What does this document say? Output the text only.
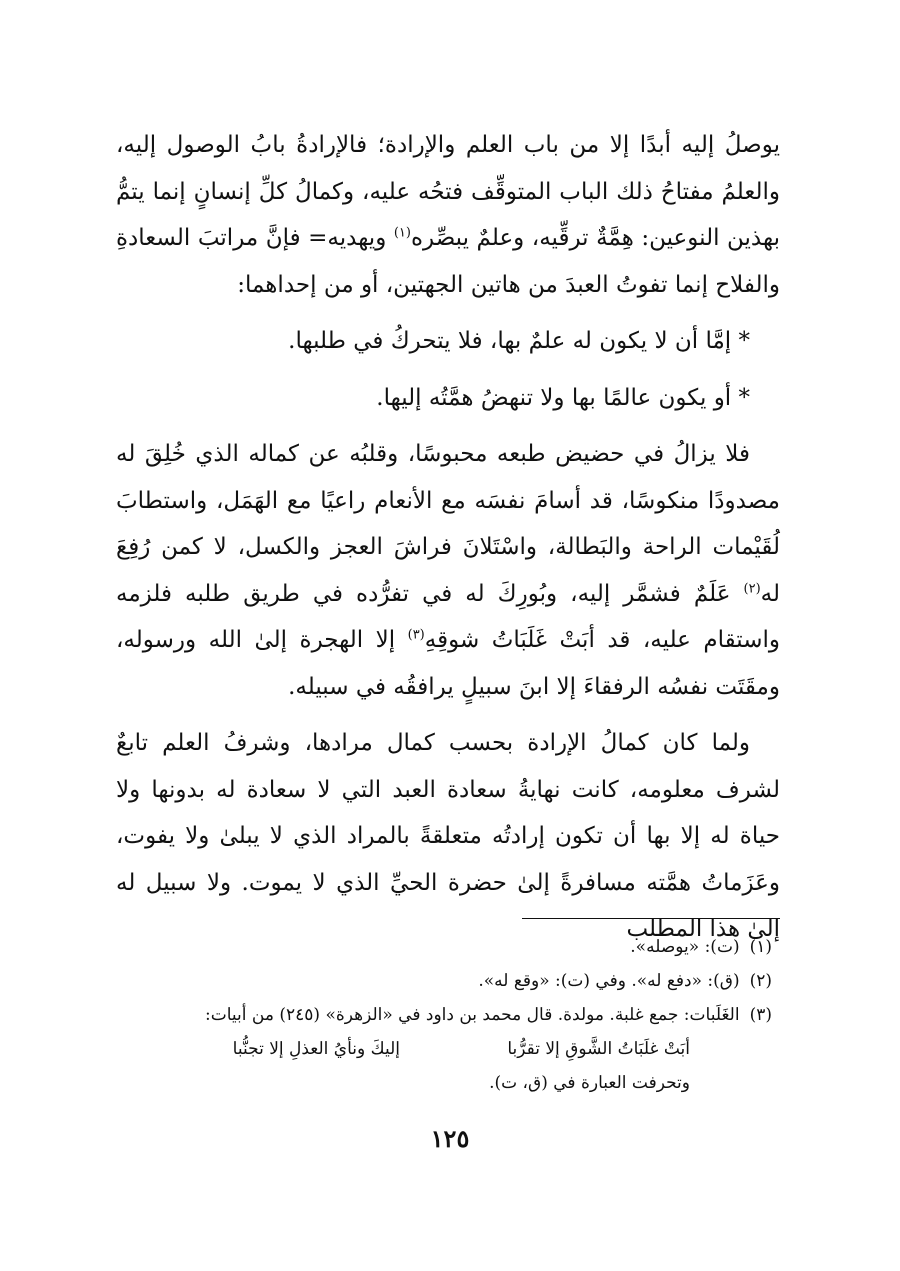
يوصلُ إليه أبدًا إلا من باب العلم والإرادة؛ فالإرادةُ بابُ الوصول إليه، والعلمُ مفتاحُ ذلك الباب المتوقِّف فتحُه عليه، وكمالُ كلِّ إنسانٍ إنما يتمُّ بهذين النوعين: هِمَّةٌ ترقِّيه، وعلمٌ يبصِّره$^{(١)}$ ويهديه= فإنَّ مراتبَ السعادةِ والفلاح إنما تفوتُ العبدَ من هاتين الجهتين، أو من إحداهما:

* إمَّا أن لا يكون له علمٌ بها، فلا يتحركُ في طلبها.

* أو يكون عالمًا بها ولا تنهضُ همَّتُه إليها.

فلا يزالُ في حضيض طبعه محبوسًا، وقلبُه عن كماله الذي خُلِقَ له مصدودًا منكوسًا، قد أسامَ نفسَه مع الأنعام راعيًا مع الهَمَل، واستطابَ لُقَيْمات الراحة والبَطالة، واسْتَلانَ فراشَ العجز والكسل، لا كمن رُفِعَ له$^{(٢)}$ عَلَمٌ فشمَّر إليه، وبُورِكَ له في تفرُّده في طريق طلبه فلزمه واستقام عليه، قد أبَتْ غَلَبَاتُ شوقِهِ$^{(٣)}$ إلا الهجرة إلىٰ الله ورسوله، ومقَتَت نفسُه الرفقاءَ إلا ابنَ سبيلٍ يرافقُه في سبيله.

ولما كان كمالُ الإرادة بحسب كمال مرادها، وشرفُ العلم تابعٌ لشرف معلومه، كانت نهايةُ سعادة العبد التي لا سعادة له بدونها ولا حياة له إلا بها أن تكون إرادتُه متعلقةً بالمراد الذي لا يبلىٰ ولا يفوت، وعَزَماتُ همَّته مسافرةً إلىٰ حضرة الحيِّ الذي لا يموت. ولا سبيل له إلىٰ هذا المطلب

(١)(ت): «يوصله».

(٢)(ق): «دفع له». وفي (ت): «وقع له».

(٣)الغَلَبات: جمع غلبة. مولدة. قال محمد بن داود في «الزهرة» (٢٤٥) من أبيات:

أبَتْ غلَبَاتُ الشَّوقِ إلا تقرُّبا
إليكَ ونأيُ العذلِ إلا تجنُّبا

وتحرفت العبارة في (ق، ت).

١٢٥
